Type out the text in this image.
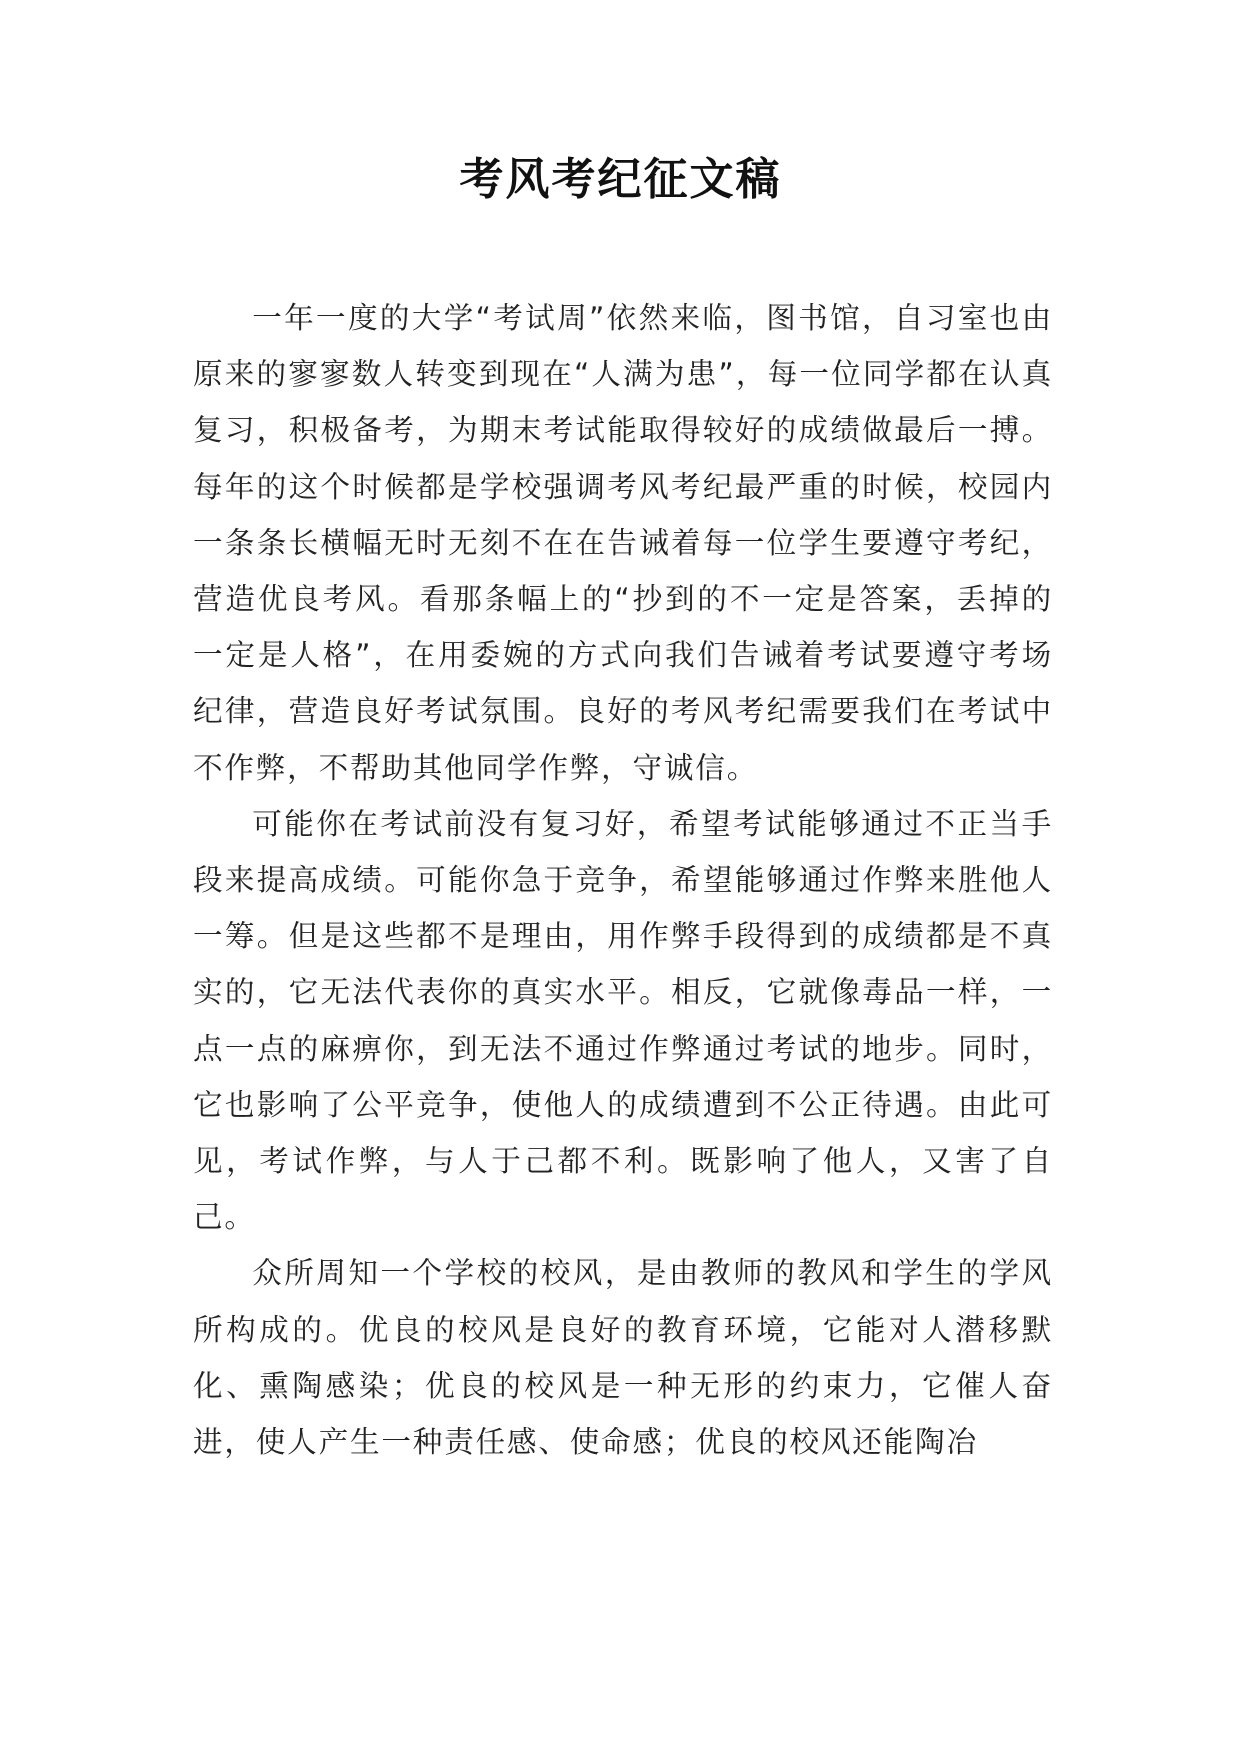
考风考纪征文稿

一年一度的大学“考试周”依然来临，图书馆，自习室也由原来的寥寥数人转变到现在“人满为患”，每一位同学都在认真复习，积极备考，为期末考试能取得较好的成绩做最后一搏。每年的这个时候都是学校强调考风考纪最严重的时候，校园内一条条长横幅无时无刻不在在告诫着每一位学生要遵守考纪，营造优良考风。看那条幅上的“抄到的不一定是答案，丢掉的一定是人格”，在用委婉的方式向我们告诫着考试要遵守考场纪律，营造良好考试氛围。良好的考风考纪需要我们在考试中不作弊，不帮助其他同学作弊，守诚信。

可能你在考试前没有复习好，希望考试能够通过不正当手段来提高成绩。可能你急于竞争，希望能够通过作弊来胜他人一筹。但是这些都不是理由，用作弊手段得到的成绩都是不真实的，它无法代表你的真实水平。相反，它就像毒品一样，一点一点的麻痹你，到无法不通过作弊通过考试的地步。同时，它也影响了公平竞争，使他人的成绩遭到不公正待遇。由此可见，考试作弊，与人于己都不利。既影响了他人，又害了自己。

众所周知一个学校的校风，是由教师的教风和学生的学风所构成的。优良的校风是良好的教育环境，它能对人潜移默化、熏陶感染；优良的校风是一种无形的约束力，它催人奋进，使人产生一种责任感、使命感；优良的校风还能陶冶
